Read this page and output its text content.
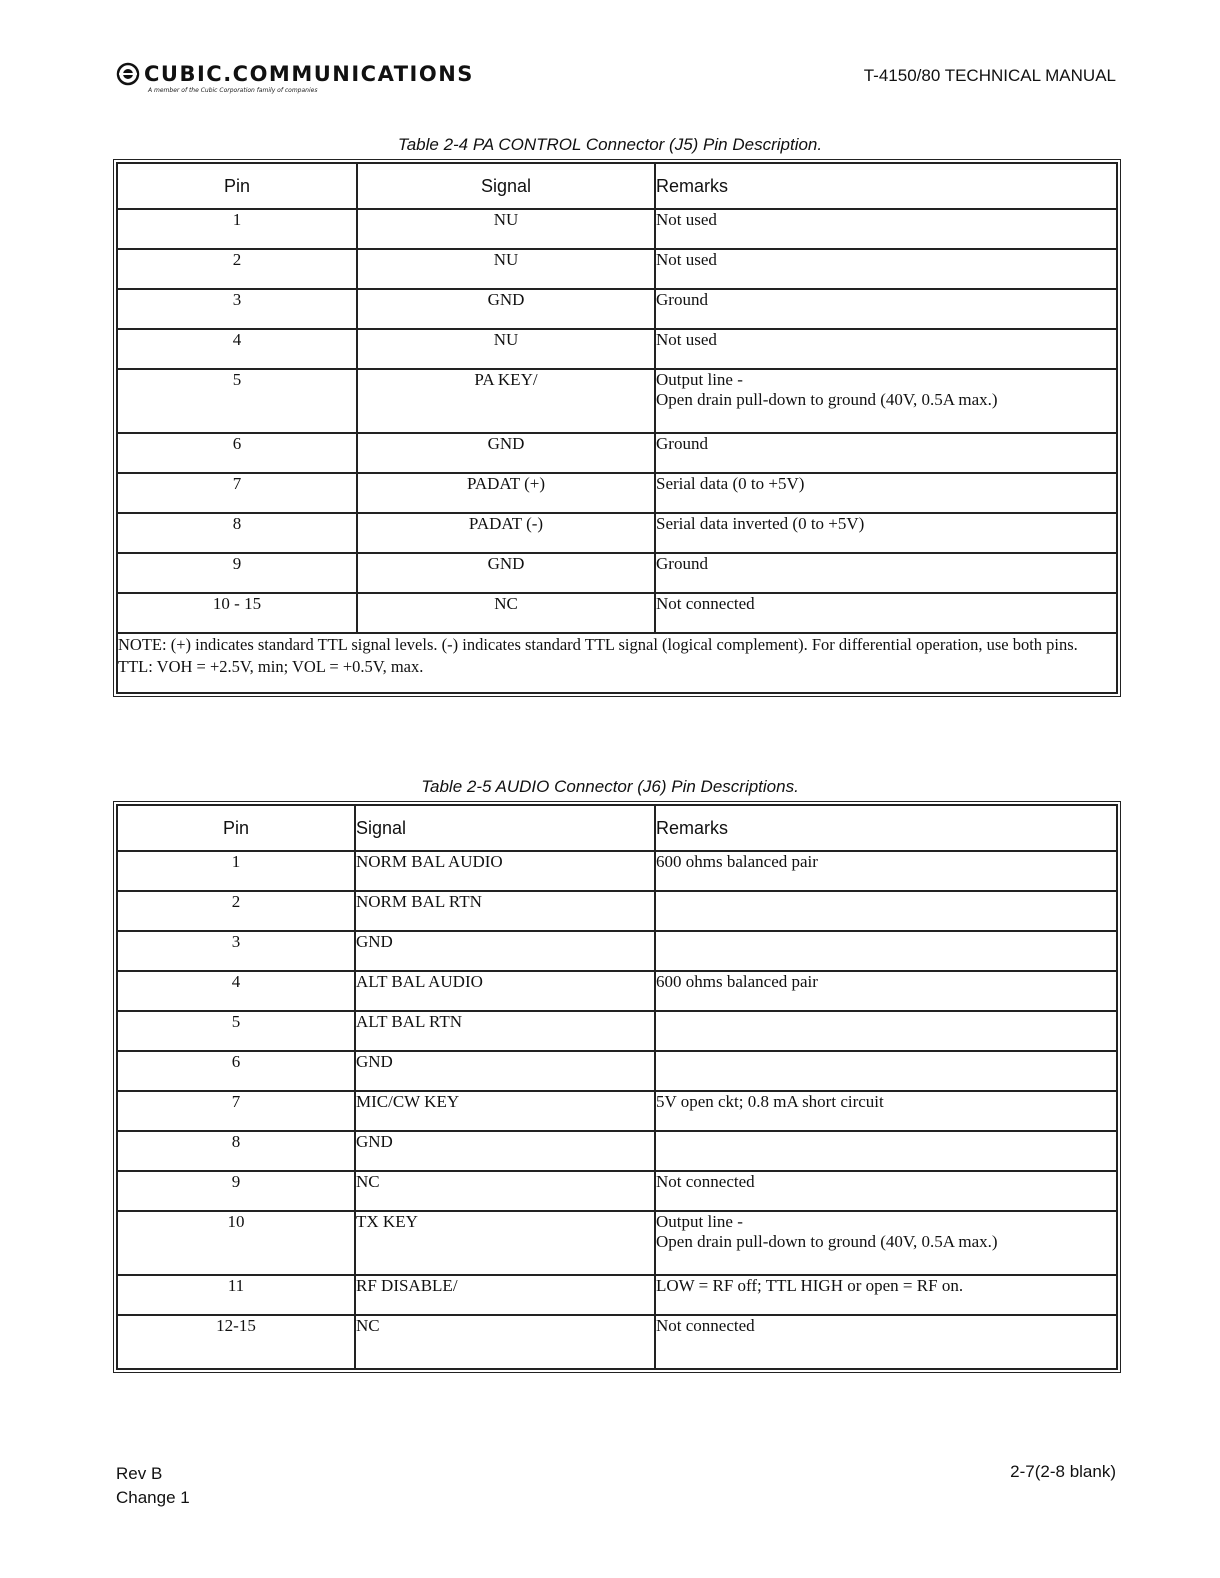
CUBIC.COMMUNICATIONS
A member of the Cubic Corporation family of companies
T-4150/80 TECHNICAL MANUAL
Table 2-4 PA CONTROL Connector (J5) Pin Description.
Pin	Signal	Remarks
1	NU	Not used
2	NU	Not used
3	GND	Ground
4	NU	Not used
5	PA KEY/	Output line -
Open drain pull-down to ground (40V, 0.5A max.)
6	GND	Ground
7	PADAT (+)	Serial data (0 to +5V)
8	PADAT (-)	Serial data inverted (0 to +5V)
9	GND	Ground
10 - 15	NC	Not connected
NOTE: (+) indicates standard TTL signal levels. (-) indicates standard TTL signal (logical complement). For differential operation, use both pins. TTL: VOH = +2.5V, min; VOL = +0.5V, max.		
Table 2-5 AUDIO Connector (J6) Pin Descriptions.
Pin	Signal	Remarks
1	NORM BAL AUDIO	600 ohms balanced pair
2	NORM BAL RTN	
3	GND	
4	ALT BAL AUDIO	600 ohms balanced pair
5	ALT BAL RTN	
6	GND	
7	MIC/CW KEY	5V open ckt; 0.8 mA short circuit
8	GND	
9	NC	Not connected
10	TX KEY	Output line -
Open drain pull-down to ground (40V, 0.5A max.)
11	RF DISABLE/	LOW = RF off; TTL HIGH or open = RF on.
12-15	NC	Not connected
Rev B
Change 1
2-7(2-8 blank)
